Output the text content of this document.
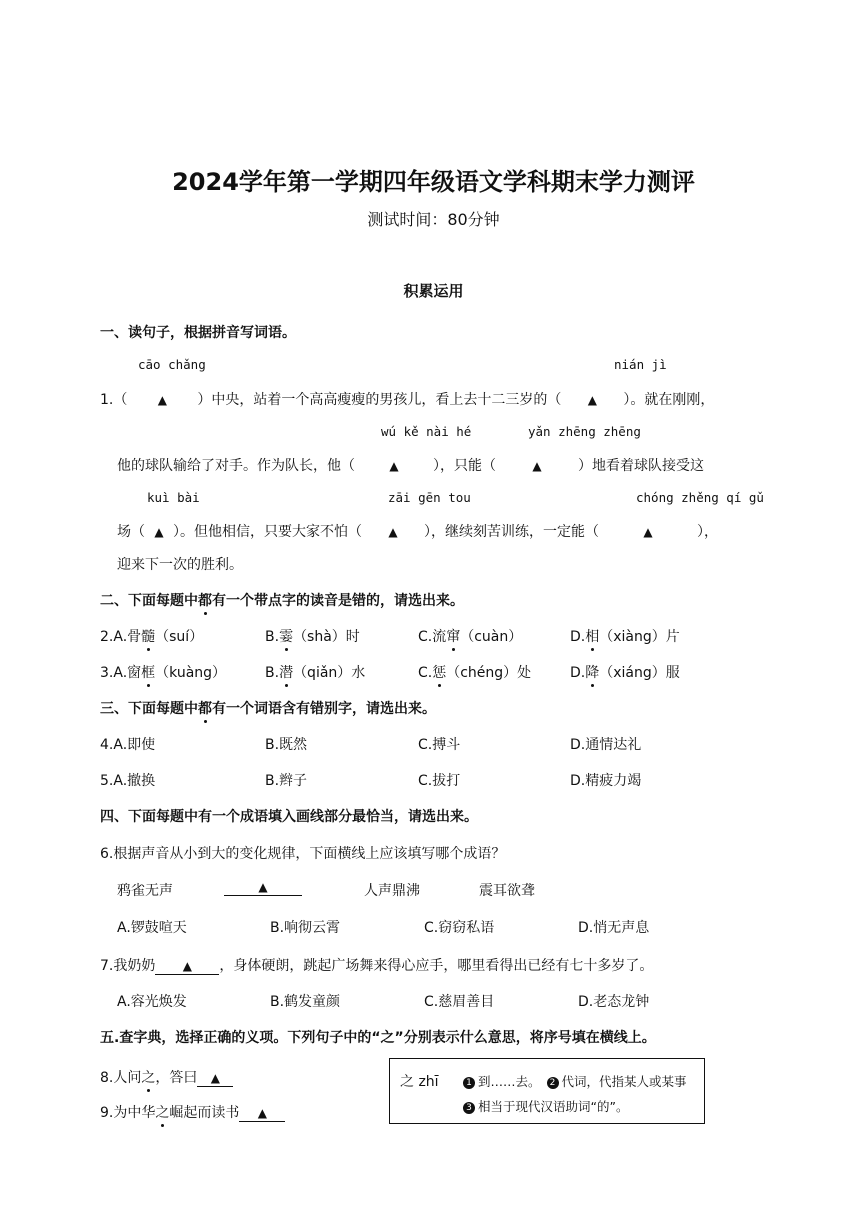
2024学年第一学期四年级语文学科期末学力测评
测试时间：80分钟
积累运用
一、读句子，根据拼音写词语。
cāo chǎng	nián jì
1.（	▲ ）中央，站着一个高高瘦瘦的男孩儿，看上去十二三岁的（ ▲ ）。就在刚刚，
wú kě nài hé	yǎn zhēng zhēng
他的球队输给了对手。作为队长，他（	▲ ），只能（	▲	）地看着球队接受这
kuì bài	zāi gēn tou	chóng zhěng qí gǔ
场（ ▲ ）。但他相信，只要大家不怕（ ▲ ），继续刻苦训练，一定能（	▲	），
迎来下一次的胜利。
二、下面每题中都有一个带点字的读音是错的，请选出来。
2.A.骨髓（suí）	B.霎（shà）时	C.流窜（cuàn）	D.相（xiàng）片
3.A.窗框（kuàng）	B.潜（qiǎn）水	C.惩（chéng）处	D.降（xiáng）服
三、下面每题中都有一个词语含有错别字，请选出来。
4.A.即使	B.既然	C.搏斗	D.通情达礼
5.A.撤换	B.辫子	C.拔打	D.精疲力竭
四、下面每题中有一个成语填入画线部分最恰当，请选出来。
6.根据声音从小到大的变化规律，下面横线上应该填写哪个成语？
鸦雀无声	▲	人声鼎沸	震耳欲聋
A.锣鼓喧天	B.响彻云霄	C.窃窃私语	D.悄无声息
7.我奶奶 ▲ ，身体硬朗，跳起广场舞来得心应手，哪里看得出已经有七十多岁了。
A.容光焕发	B.鹤发童颜	C.慈眉善目	D.老态龙钟
五.查字典，选择正确的义项。下列句子中的“之”分别表示什么意思，将序号填在横线上。
8.人问之，答曰 ▲
9.为中华之崛起而读书 ▲
之 zhī	1 到……去。 2 代词，代指某人或某事
3 相当于现代汉语助词“的”。
